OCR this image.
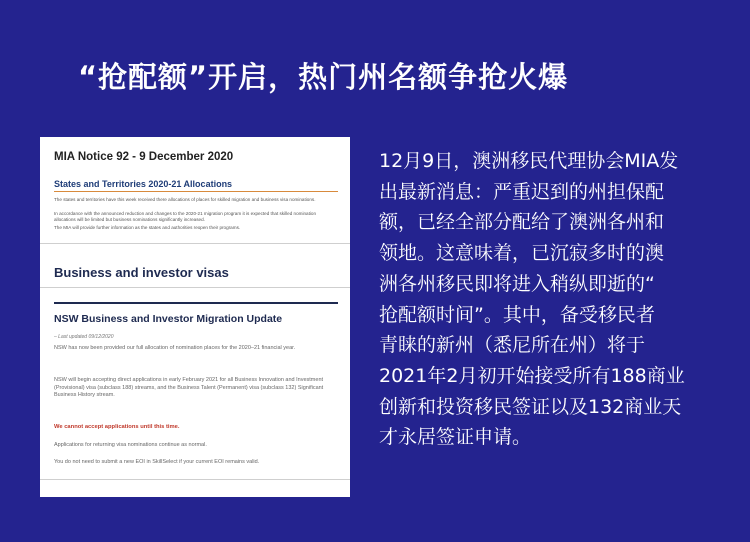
“抢配额”开启，热门州名额争抢火爆
MIA Notice 92 - 9 December 2020
States and Territories 2020-21 Allocations
The states and territories have this week received there allocations of places for skilled migration and business visa nominations.
In accordance with the announced reduction and changes to the 2020-21 migration program it is expected that skilled nomination allocations will be limited but business nominations significantly increased.
The MIA will provide further information as the states and authorities reopen their programs.
Business and investor visas
NSW Business and Investor Migration Update
– Last updated 09/12/2020
NSW has now been provided our full allocation of nomination places for the 2020–21 financial year.
NSW will begin accepting direct applications in early February 2021 for all Business Innovation and Investment (Provisional) visa (subclass 188) streams, and the Business Talent (Permanent) visa (subclass 132) Significant Business History stream.
We cannot accept applications until this time.
Applications for returning visa nominations continue as normal.
You do not need to submit a new EOI in SkillSelect if your current EOI remains valid.
12月9日，澳洲移民代理协会MIA发
出最新消息：严重迟到的州担保配
额，已经全部分配给了澳洲各州和
领地。这意味着，已沉寂多时的澳
洲各州移民即将进入稍纵即逝的“
抢配额时间”。其中，备受移民者
青睐的新州（悉尼所在州）将于
2021年2月初开始接受所有188商业
创新和投资移民签证以及132商业天
才永居签证申请。
